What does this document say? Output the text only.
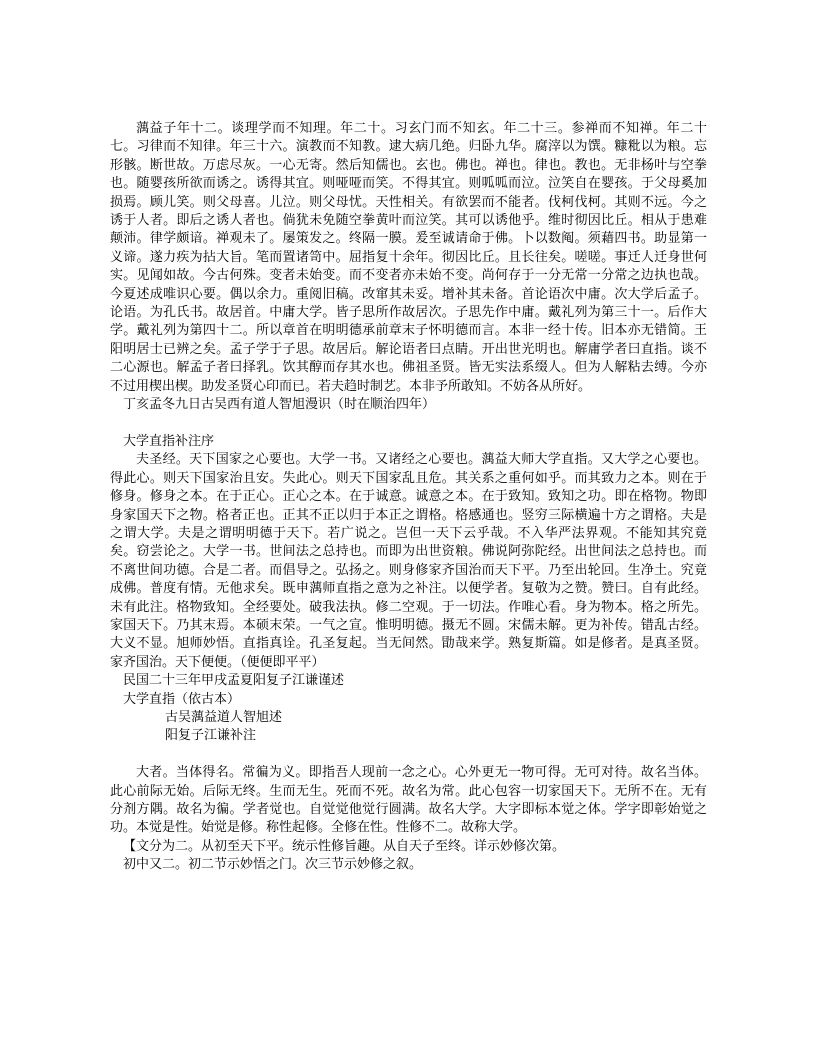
蕅益子年十二。谈理学而不知理。年二十。习玄门而不知玄。年二十三。参禅而不知禅。年二十七。习律而不知律。年三十六。演教而不知教。逮大病几绝。归卧九华。腐滓以为馔。糠粃以为粮。忘形骸。断世故。万虑尽灰。一心无寄。然后知儒也。玄也。佛也。禅也。律也。教也。无非杨叶与空拳也。随婴孩所欲而诱之。诱得其宜。则哑哑而笑。不得其宜。则呱呱而泣。泣笑自在婴孩。于父母奚加损焉。顾儿笑。则父母喜。儿泣。则父母忧。天性相关。有欲罢而不能者。伐柯伐柯。其则不远。今之诱于人者。即后之诱人者也。倘犹未免随空拳黄叶而泣笑。其可以诱他乎。维时彻因比丘。相从于患难颠沛。律学颇谙。禅观未了。屡策发之。终隔一膜。爰至诚请命于佛。卜以数阄。须藉四书。助显第一义谛。遂力疾为拈大旨。笔而置诸笥中。屈指复十余年。彻因比丘。且长往矣。嗟嗟。事迁人迁身世何实。见闻如故。今古何殊。变者未始变。而不变者亦未始不变。尚何存于一分无常一分常之边执也哉。今夏述成唯识心要。偶以余力。重阅旧稿。改窜其未妥。增补其未备。首论语次中庸。次大学后孟子。论语。为孔氏书。故居首。中庸大学。皆子思所作故居次。子思先作中庸。戴礼列为第三十一。后作大学。戴礼列为第四十二。所以章首在明明德承前章末子怀明德而言。本非一经十传。旧本亦无错简。王阳明居士已辨之矣。孟子学于子思。故居后。解论语者曰点睛。开出世光明也。解庸学者曰直指。谈不二心源也。解孟子者曰择乳。饮其醇而存其水也。佛祖圣贤。皆无实法系缀人。但为人解粘去缚。今亦不过用楔出楔。助发圣贤心印而已。若夫趋时制艺。本非予所敢知。不妨各从所好。

丁亥孟冬九日古吴西有道人智旭漫识（时在顺治四年）

大学直指补注序

夫圣经。天下国家之心要也。大学一书。又诸经之心要也。蕅益大师大学直指。又大学之心要也。得此心。则天下国家治且安。失此心。则天下国家乱且危。其关系之重何如乎。而其致力之本。则在于修身。修身之本。在于正心。正心之本。在于诚意。诚意之本。在于致知。致知之功。即在格物。物即身家国天下之物。格者正也。正其不正以归于本正之谓格。格感通也。竖穷三际横遍十方之谓格。夫是之谓大学。夫是之谓明明德于天下。若广说之。岂但一天下云乎哉。不入华严法界观。不能知其究竟矣。窃尝论之。大学一书。世间法之总持也。而即为出世资粮。佛说阿弥陀经。出世间法之总持也。而不离世间功德。合是二者。而倡导之。弘扬之。则身修家齐国治而天下平。乃至出轮回。生净土。究竟成佛。普度有情。无他求矣。既申蕅师直指之意为之补注。以便学者。复敬为之赞。赞曰。自有此经。未有此注。格物致知。全经要处。破我法执。修二空观。于一切法。作唯心看。身为物本。格之所先。家国天下。乃其末焉。本硕末荣。一气之宣。惟明明德。摄无不圆。宋儒未解。更为补传。错乱古经。大义不显。旭师妙悟。直指真诠。孔圣复起。当无间然。勖哉来学。熟复斯篇。如是修者。是真圣贤。家齐国治。天下便便。（便便即平平）

民国二十三年甲戌孟夏阳复子江谦谨述

大学直指（依古本）

古吴蕅益道人智旭述

阳复子江谦补注

大者。当体得名。常徧为义。即指吾人现前一念之心。心外更无一物可得。无可对待。故名当体。此心前际无始。后际无终。生而无生。死而不死。故名为常。此心包容一切家国天下。无所不在。无有分剂方隅。故名为徧。学者觉也。自觉觉他觉行圆满。故名大学。大字即标本觉之体。学字即彰始觉之功。本觉是性。始觉是修。称性起修。全修在性。性修不二。故称大学。

【文分为二。从初至天下平。统示性修旨趣。从自天子至终。详示妙修次第。

初中又二。初二节示妙悟之门。次三节示妙修之叙。
